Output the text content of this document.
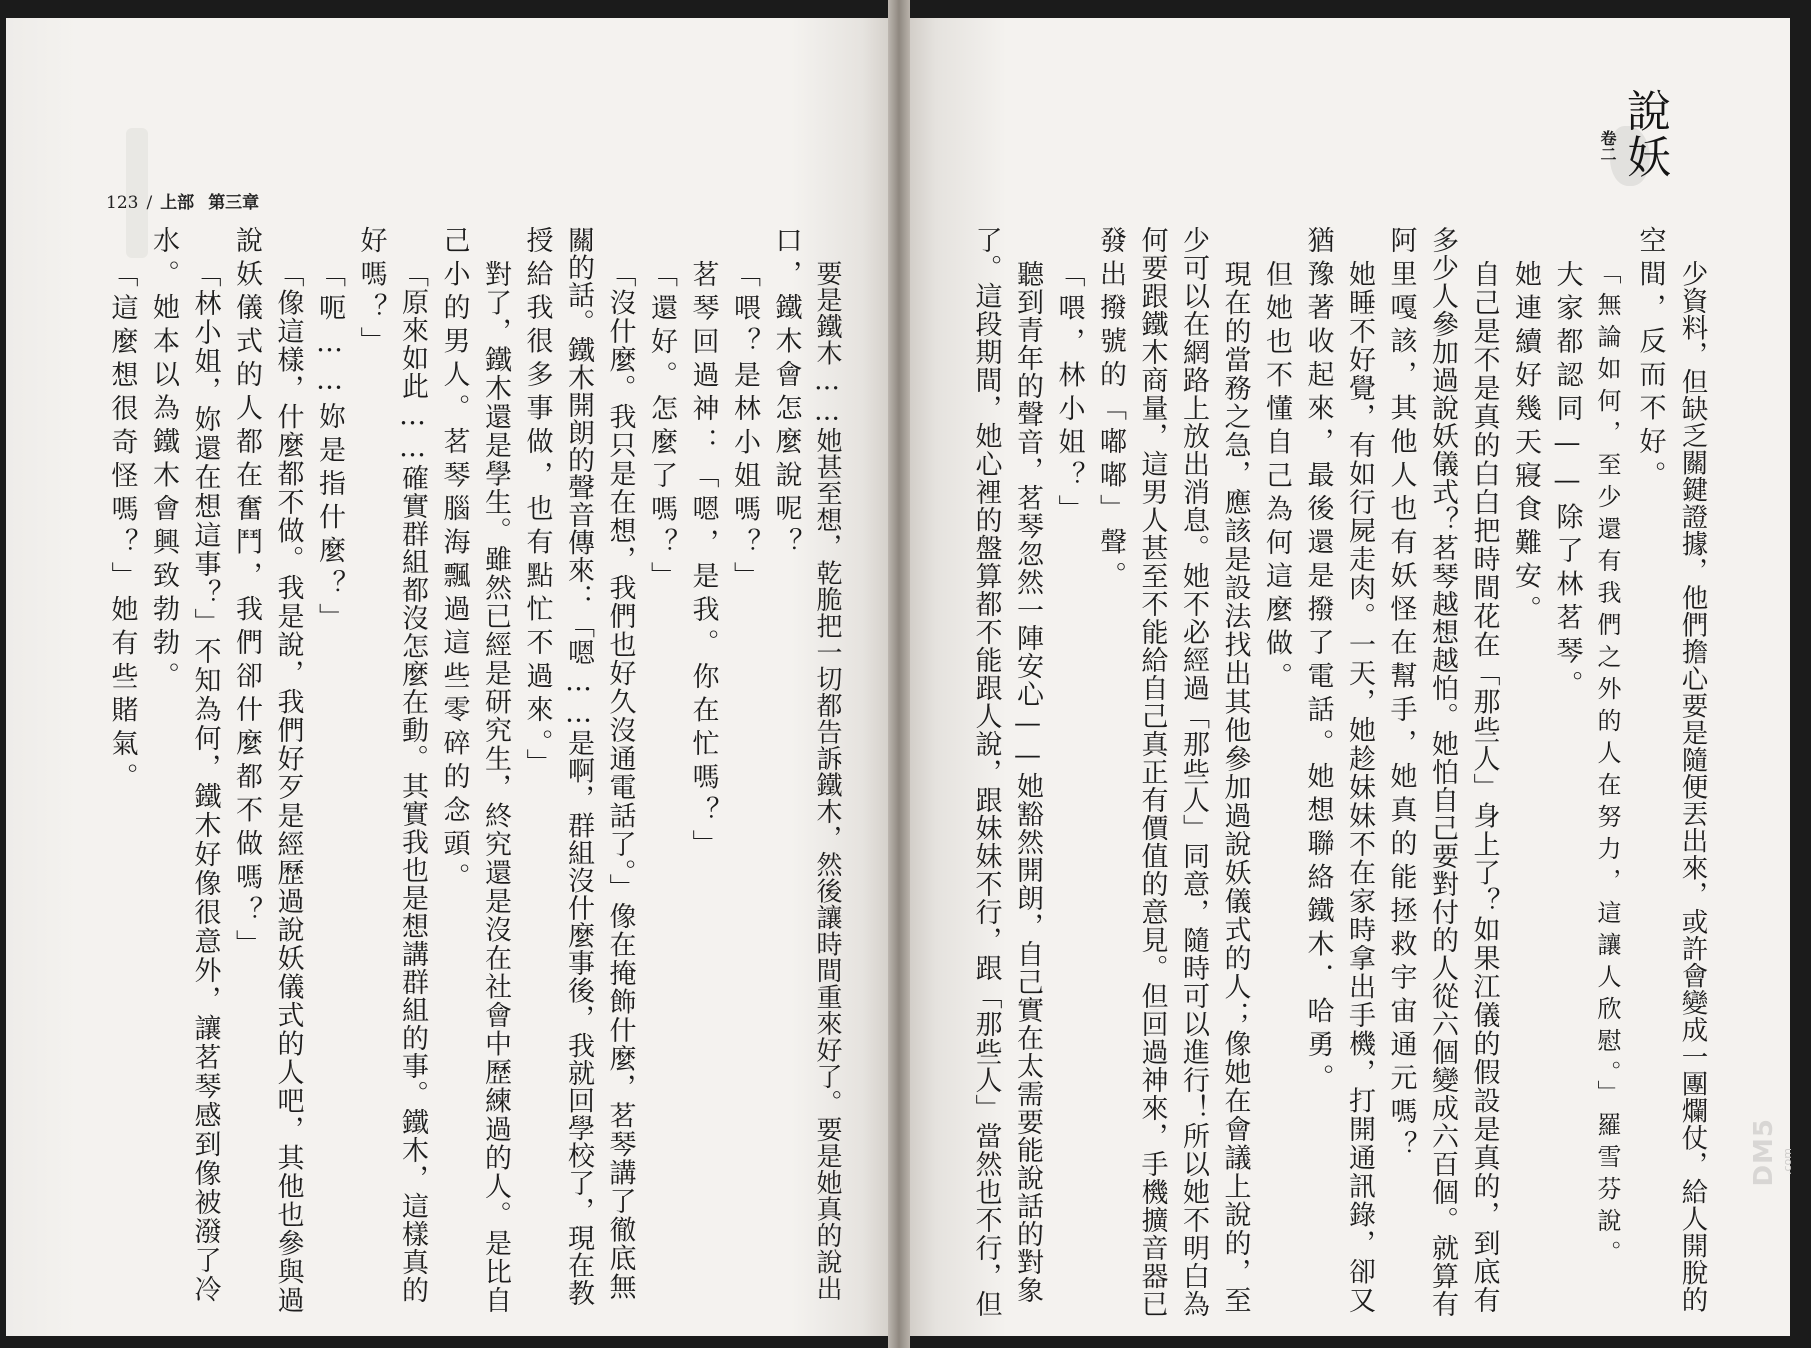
123 / 上部 第三章
要是鐵木……她甚至想，乾脆把一切都告訴鐵木，然後讓時間重來好了。要是她真的說出
口，鐵木會怎麼說呢？
「喂？是林小姐嗎？」
茗琴回過神：「嗯，是我。你在忙嗎？」
「還好。怎麼了嗎？」
「沒什麼。我只是在想，我們也好久沒通電話了。」像在掩飾什麼，茗琴講了徹底無
關的話。鐵木開朗的聲音傳來：「嗯……是啊，群組沒什麼事後，我就回學校了，現在教
授給我很多事做，也有點忙不過來。」
對了，鐵木還是學生。雖然已經是研究生，終究還是沒在社會中歷練過的人。是比自
己小的男人。茗琴腦海飄過這些零碎的念頭。
「原來如此……確實群組都沒怎麼在動。其實我也是想講群組的事。鐵木，這樣真的
好嗎？」
「呃……妳是指什麼？」
「像這樣，什麼都不做。我是說，我們好歹是經歷過說妖儀式的人吧，其他也參與過
說妖儀式的人都在奮鬥，我們卻什麼都不做嗎？」
「林小姐，妳還在想這事？」不知為何，鐵木好像很意外，讓茗琴感到像被潑了冷
水。她本以為鐵木會興致勃勃。
「這麼想很奇怪嗎？」她有些賭氣。	少資料，但缺乏關鍵證據，他們擔心要是隨便丟出來，或許會變成一團爛仗，給人開脫的
空間，反而不好。
「無論如何，至少還有我們之外的人在努力，這讓人欣慰。」羅雪芬說。
大家都認同——除了林茗琴。
她連續好幾天寢食難安。
自己是不是真的白白把時間花在「那些人」身上了？如果江儀的假設是真的，到底有
多少人參加過說妖儀式？茗琴越想越怕。她怕自己要對付的人從六個變成六百個。就算有
阿里嘎該，其他人也有妖怪在幫手，她真的能拯救宇宙通元嗎？
她睡不好覺，有如行屍走肉。一天，她趁妹妹不在家時拿出手機，打開通訊錄，卻又
猶豫著收起來，最後還是撥了電話。她想聯絡鐵木．哈勇。
但她也不懂自己為何這麼做。
現在的當務之急，應該是設法找出其他參加過說妖儀式的人；像她在會議上說的，至
少可以在網路上放出消息。她不必經過「那些人」同意，隨時可以進行！所以她不明白為
何要跟鐵木商量，這男人甚至不能給自己真正有價值的意見。但回過神來，手機擴音器已
發出撥號的「嘟嘟」聲。
「喂，林小姐？」
聽到青年的聲音，茗琴忽然一陣安心——她豁然開朗，自己實在太需要能說話的對象
了。這段期間，她心裡的盤算都不能跟人說，跟妹妹不行，跟「那些人」當然也不行，但
說妖
卷二
DM5 .com
